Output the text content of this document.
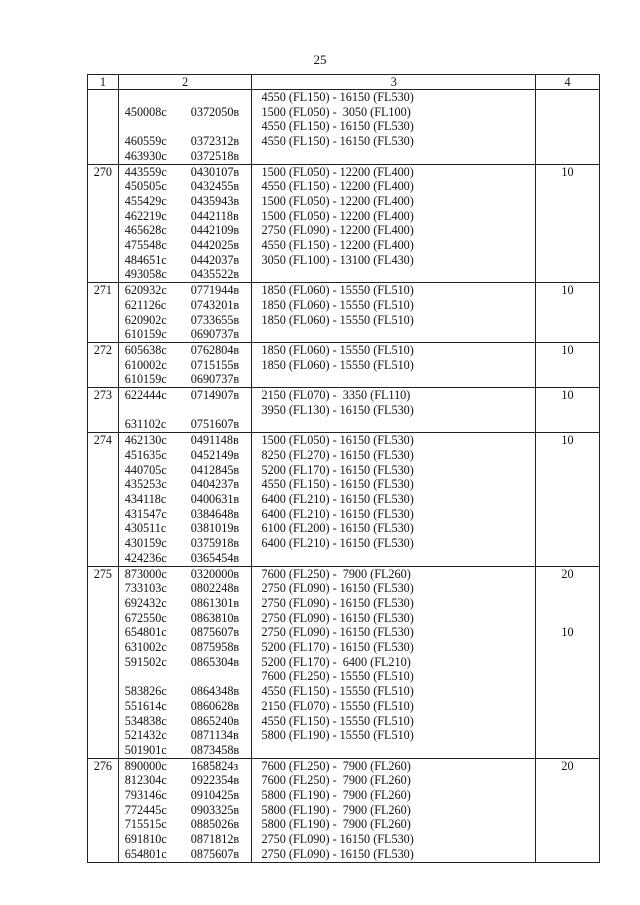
25
1	2	3	4
		4550 (FL150) - 16150 (FL530)	
	450008с 0372050в	1500 (FL050) -  3050 (FL100)	
		4550 (FL150) - 16150 (FL530)	
	460559с 0372312в	4550 (FL150) - 16150 (FL530)	
	463930с 0372518в		
270	443559с 0430107в	1500 (FL050) - 12200 (FL400)	10
	450505с 0432455в	4550 (FL150) - 12200 (FL400)	
	455429с 0435943в	1500 (FL050) - 12200 (FL400)	
	462219с 0442118в	1500 (FL050) - 12200 (FL400)	
	465628с 0442109в	2750 (FL090) - 12200 (FL400)	
	475548с 0442025в	4550 (FL150) - 12200 (FL400)	
	484651с 0442037в	3050 (FL100) - 13100 (FL430)	
	493058с 0435522в		
271	620932с 0771944в	1850 (FL060) - 15550 (FL510)	10
	621126с 0743201в	1850 (FL060) - 15550 (FL510)	
	620902с 0733655в	1850 (FL060) - 15550 (FL510)	
	610159с 0690737в		
272	605638с 0762804в	1850 (FL060) - 15550 (FL510)	10
	610002с 0715155в	1850 (FL060) - 15550 (FL510)	
	610159с 0690737в		
273	622444с 0714907в	2150 (FL070) -  3350 (FL110)	10
		3950 (FL130) - 16150 (FL530)	
	631102с 0751607в		
274	462130с 0491148в	1500 (FL050) - 16150 (FL530)	10
	451635с 0452149в	8250 (FL270) - 16150 (FL530)	
	440705с 0412845в	5200 (FL170) - 16150 (FL530)	
	435253с 0404237в	4550 (FL150) - 16150 (FL530)	
	434118с 0400631в	6400 (FL210) - 16150 (FL530)	
	431547с 0384648в	6400 (FL210) - 16150 (FL530)	
	430511с 0381019в	6100 (FL200) - 16150 (FL530)	
	430159с 0375918в	6400 (FL210) - 16150 (FL530)	
	424236с 0365454в		
275	873000с 0320000в	7600 (FL250) -  7900 (FL260)	20
	733103с 0802248в	2750 (FL090) - 16150 (FL530)	
	692432с 0861301в	2750 (FL090) - 16150 (FL530)	
	672550с 0863810в	2750 (FL090) - 16150 (FL530)	
	654801с 0875607в	2750 (FL090) - 16150 (FL530)	10
	631002с 0875958в	5200 (FL170) - 16150 (FL530)	
	591502с 0865304в	5200 (FL170) -  6400 (FL210)	
		7600 (FL250) - 15550 (FL510)	
	583826с 0864348в	4550 (FL150) - 15550 (FL510)	
	551614с 0860628в	2150 (FL070) - 15550 (FL510)	
	534838с 0865240в	4550 (FL150) - 15550 (FL510)	
	521432с 0871134в	5800 (FL190) - 15550 (FL510)	
	501901с 0873458в		
276	890000с 1685824з	7600 (FL250) -  7900 (FL260)	20
	812304с 0922354в	7600 (FL250) -  7900 (FL260)	
	793146с 0910425в	5800 (FL190) -  7900 (FL260)	
	772445с 0903325в	5800 (FL190) -  7900 (FL260)	
	715515с 0885026в	5800 (FL190) -  7900 (FL260)	
	691810с 0871812в	2750 (FL090) - 16150 (FL530)	
	654801с 0875607в	2750 (FL090) - 16150 (FL530)	
